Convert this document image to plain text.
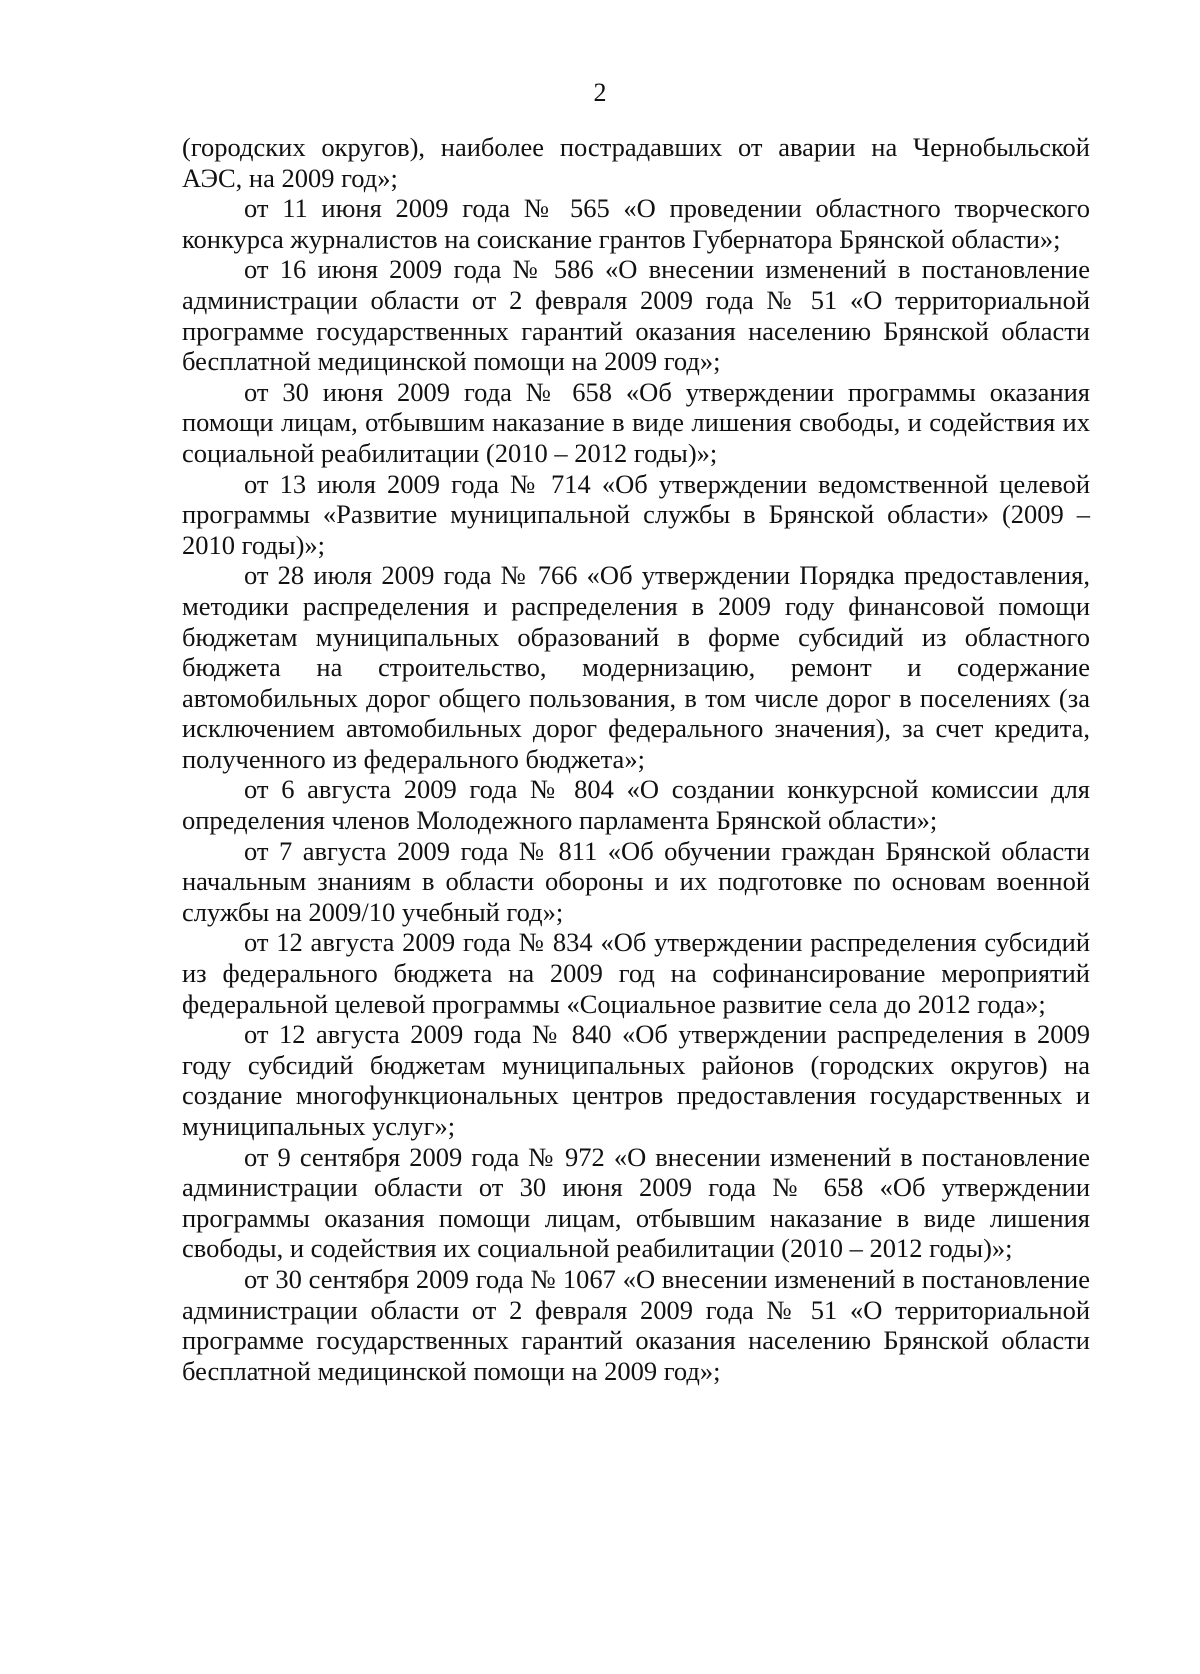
2

(городских округов), наиболее пострадавших от аварии на Чернобыльской АЭС, на 2009 год»;

от 11 июня 2009 года № 565 «О проведении областного творческого конкурса журналистов на соискание грантов Губернатора Брянской области»;

от 16 июня 2009 года № 586 «О внесении изменений в постановление администрации области от 2 февраля 2009 года № 51 «О территориальной программе государственных гарантий оказания населению Брянской области бесплатной медицинской помощи на 2009 год»;

от 30 июня 2009 года № 658 «Об утверждении программы оказания помощи лицам, отбывшим наказание в виде лишения свободы, и содействия их социальной реабилитации (2010 – 2012 годы)»;

от 13 июля 2009 года № 714 «Об утверждении ведомственной целевой программы «Развитие муниципальной службы в Брянской области» (2009 – 2010 годы)»;

от 28 июля 2009 года № 766 «Об утверждении Порядка предоставления, методики распределения и распределения в 2009 году финансовой помощи бюджетам муниципальных образований в форме субсидий из областного бюджета на строительство, модернизацию, ремонт и содержание автомобильных дорог общего пользования, в том числе дорог в поселениях (за исключением автомобильных дорог федерального значения), за счет кредита, полученного из федерального бюджета»;

от 6 августа 2009 года № 804 «О создании конкурсной комиссии для определения членов Молодежного парламента Брянской области»;

от 7 августа 2009 года № 811 «Об обучении граждан Брянской области начальным знаниям в области обороны и их подготовке по основам военной службы на 2009/10 учебный год»;

от 12 августа 2009 года № 834 «Об утверждении распределения субсидий из федерального бюджета на 2009 год на софинансирование мероприятий федеральной целевой программы «Социальное развитие села до 2012 года»;

от 12 августа 2009 года № 840 «Об утверждении распределения в 2009 году субсидий бюджетам муниципальных районов (городских округов) на создание многофункциональных центров предоставления государственных и муниципальных услуг»;

от 9 сентября 2009 года № 972 «О внесении изменений в постановление администрации области от 30 июня 2009 года № 658 «Об утверждении программы оказания помощи лицам, отбывшим наказание в виде лишения свободы, и содействия их социальной реабилитации (2010 – 2012 годы)»;

от 30 сентября 2009 года № 1067 «О внесении изменений в постановление администрации области от 2 февраля 2009 года № 51 «О территориальной программе государственных гарантий оказания населению Брянской области бесплатной медицинской помощи на 2009 год»;
